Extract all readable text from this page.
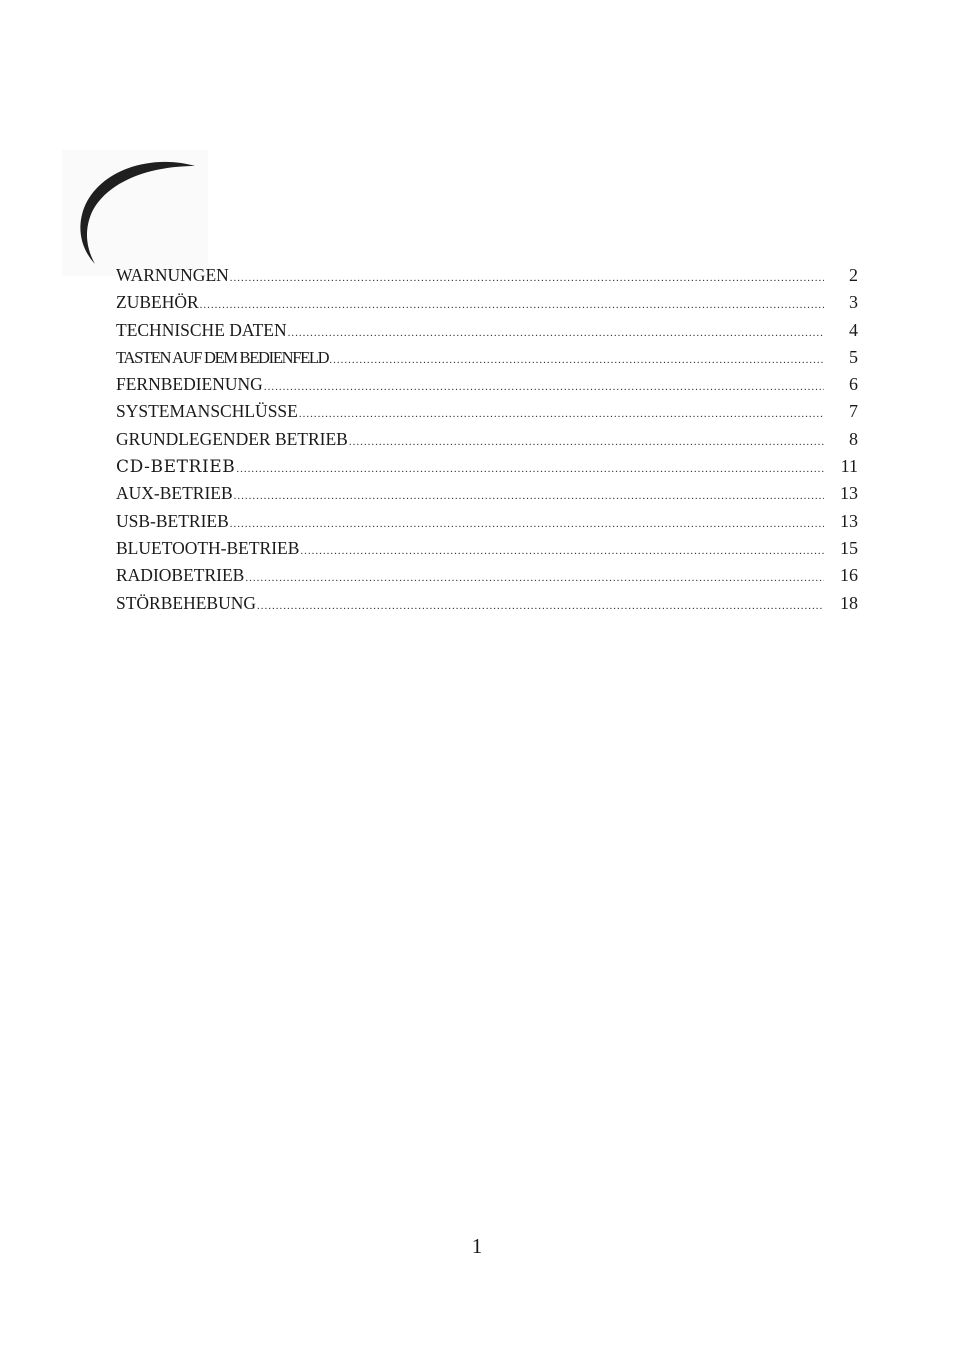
WARNUNGEN .....	2
ZUBEHÖR .....	3
TECHNISCHE DATEN .....	4
TASTEN AUF DEM BEDIENFELD .....	5
FERNBEDIENUNG .....	6
SYSTEMANSCHLÜSSE .....	7
GRUNDLEGENDER BETRIEB .....	8
CD-BETRIEB .....	11
AUX-BETRIEB .....	13
USB-BETRIEB .....	13
BLUETOOTH-BETRIEB .....	15
RADIOBETRIEB .....	16
STÖRBEHEBUNG .....	18
1
